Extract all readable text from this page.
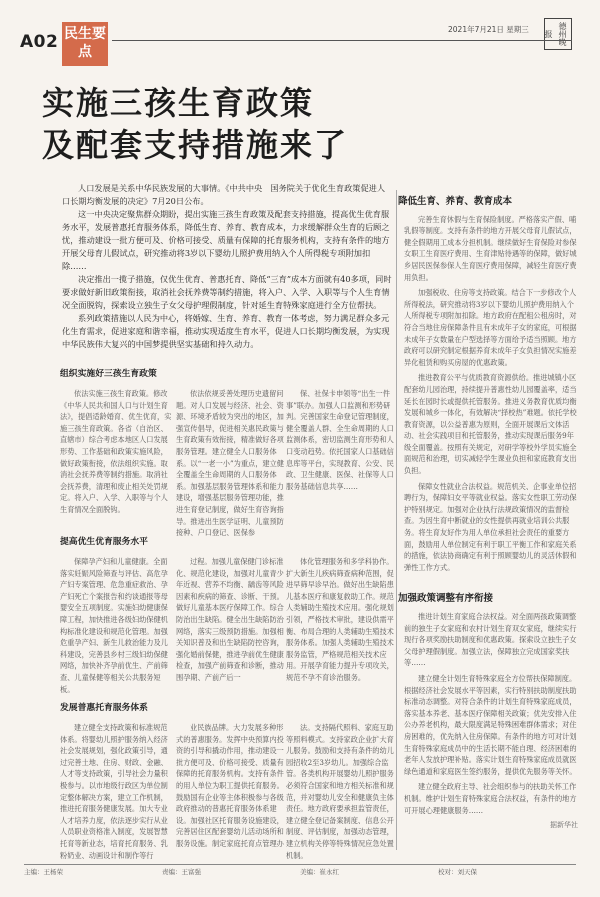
A02 民生要点
2021年7月21日 星期三	德州晚报
实施三孩生育政策
及配套支持措施来了

人口发展是关系中华民族发展的大事情。《中共中央　国务院关于优化生育政策促进人口长期均衡发展的决定》7月20日公布。

这一中央决定聚焦群众期盼，提出实施三孩生育政策及配套支持措施，提高优生优育服务水平，发展普惠托育服务体系，降低生育、养育、教育成本，力求缓解群众生育的后顾之忧，推动建设一批方便可及、价格可接受、质量有保障的托育服务机构，支持有条件的地方开展父母育儿假试点，研究推动将3岁以下婴幼儿照护费用纳入个人所得税专项附加扣除……

决定推出一揽子措施，仅优生优育、普惠托育、降低“三育”成本方面就有40多项，同时要求做好新旧政策衔接，取消社会抚养费等制约措施，将入户、入学、入职等与个人生育情况全面脱钩，探索设立独生子女父母护理假制度，针对延生育特殊家庭进行全方位帮扶。

系列政策措施以人民为中心，将婚嫁、生育、养育、教育一体考虑，努力满足群众多元化生育需求，促进家庭和谐幸福，推动实现适度生育水平，促进人口长期均衡发展，为实现中华民族伟大复兴的中国梦提供坚实基础和持久动力。

降低生育、养育、教育成本

完善生育休假与生育保险制度。严格落实产假、哺乳假等制度。支持有条件的地方开展父母育儿假试点，健全假期用工成本分担机制。继续做好生育保险对参保女职工生育医疗费用、生育津贴待遇等的保障，做好城乡居民医保参保人生育医疗费用保障，减轻生育医疗费用负担。

加强税收、住房等支持政策。结合下一步修改个人所得税法，研究推动将3岁以下婴幼儿照护费用纳入个人所得税专项附加扣除。地方政府在配租公租房时，对符合当地住房保障条件且有未成年子女的家庭，可根据未成年子女数量在户型选择等方面给予适当照顾。地方政府可以研究制定根据养育未成年子女负担情况实施差异化租赁和购买房屋的优惠政策。

推进教育公平与优质教育资源供给。推进城镇小区配套幼儿园治理，持续提升普惠性幼儿园覆盖率，适当延长在园时长或提供托管服务。推进义务教育优质均衡发展和城乡一体化，有效解决“择校热”难题。依托学校教育资源，以公益普惠为原则，全面开展课后文体活动、社会实践项目和托管服务，推动实现课后服务9年级全面覆盖。按照有关规定，对研学等校外学员实施全面规范和治理，切实减轻学生课业负担和家庭教育支出负担。

保障女性就业合法权益。规范机关、企事业单位招聘行为，保障妇女平等就业权益。落实女性职工劳动保护特别规定。加强对企业执行法规政策情况的监督检查。为因生育中断就业的女性提供再就业培训公共服务。将生育友好作为用人单位承担社会责任的重要方面，鼓励用人单位制定有利于职工平衡工作和家庭关系的措施，依法协商确定有利于照顾婴幼儿的灵活休假和弹性工作方式。

加强政策调整有序衔接

推进计划生育家庭合法权益。对全面两孩政策调整前的独生子女家庭和农村计划生育双女家庭，继续实行现行各项奖励扶助制度和优惠政策。探索设立独生子女父母护理假制度。加强立法，保障独立完成国家奖扶等……

建立健全计划生育特殊家庭全方位帮扶保障制度。根据经济社会发展水平等因素，实行特别扶助制度扶助标准动态调整。对符合条件的计划生育特殊家庭成员，落实基本养老、基本医疗保障相关政策；优先安排入住公办养老机构，最大限度满足特殊困难群体需求；对住房困难的，优先纳入住房保障。有条件的地方可对计划生育特殊家庭成员中的生活长期不能自理、经济困难的老年人发放护理补贴。落实计划生育特殊家庭成员就医绿色通道和家庭医生签约服务，提供优先服务等关怀。

建立健全政府主导、社会组织参与的扶助关怀工作机制。维护计划生育特殊家庭合法权益，有条件的地方可开展心理健康服务……

据新华社
组织实施好三孩生育政策

依法实施三孩生育政策。修改《中华人民共和国人口与计划生育法》，提倡适龄婚育、优生优育，实施三孩生育政策。各省（自治区、直辖市）综合考虑本地区人口发展形势、工作基础和政策实施风险，做好政策衔接，依法组织实施。取消社会抚养费等制约措施。取消社会抚养费，清理和废止相关处罚规定。将入户、入学、入职等与个人生育情况全面脱钩。

依法依规妥善处理历史遗留问题。对人口发展与经济、社会、资源、环境矛盾较为突出的地区，加强宣传倡导，促进相关惠民政策与生育政策有效衔接，精准做好各项服务管理。建立健全人口服务体系。以“一老一小”为重点，建立健全覆盖全生命周期的人口服务体系。加强基层服务管理体系和能力建设，增强基层服务管理功能，推进生育登记制度，做好生育咨询指导。推进出生医学证明、儿童预防接种、户口登记、医保参

保、社保卡申领等“出生一件事”联办。加强人口监测和形势研判。完善国家生命登记管理制度，健全覆盖人群、全生命周期的人口监测体系，密切监测生育形势和人口变动趋势。依托国家人口基础信息库等平台，实现教育、公安、民政、卫生健康、医保、社保等人口服务基础信息共享……

提高优生优育服务水平

保障孕产妇和儿童健康。全面落实妊娠风险筛查与评估、高危孕产妇专案管理、危急重症救治、孕产妇死亡个案报告和约谈通报等母婴安全五项制度。实施妇幼健康保障工程，加快推进各级妇幼保健机构标准化建设和规范化管理。加强危重孕产妇、新生儿救治能力及儿科建设，完善县乡村三级妇幼保健网络，加快补齐孕前优生、产前筛查、儿童保健等相关公共服务短板。

过程。加强儿童保健门诊标准化、规范化建设，加强对儿童青少年近视、营养不均衡、龋齿等风险因素和疾病的筛查、诊断、干预。做好儿童基本医疗保障工作。综合防治出生缺陷。健全出生缺陷防治网络，落实三级预防措施。加强相关知识普及和出生缺陷防控咨询，强化婚前保健，推进孕前优生健康检查，加强产前筛查和诊断，推动围孕期、产前产后一

体化管理服务和多学科协作。扩大新生儿疾病筛查病种范围，促进早筛早诊早治。做好出生缺陷患儿基本医疗和康复救助工作。规范人类辅助生殖技术应用。强化规划引领，严格技术审批，建设供需平衡、布局合理的人类辅助生殖技术服务体系。加强人类辅助生殖技术服务监管，严格规范相关技术应用。开展孕育能力提升专项攻关，规范不孕不育诊治服务。

发展普惠托育服务体系

建立健全支持政策和标准规范体系。将婴幼儿照护服务纳入经济社会发展规划，强化政策引导，通过完善土地、住房、财政、金融、人才等支持政策，引导社会力量积极参与。以市地级行政区为单位制定整体解决方案，建立工作机制，推进托育服务健康发展。加大专业人才培养力度，依法逐步实行从业人员职业资格准入制度，发展智慧托育等新业态，培育托育服务、乳粉奶业、动画设计和制作等行

业民族品牌。大力发展多种形式的普惠服务。发挥中央预算内投资的引导和撬动作用，推动建设一批方便可及、价格可接受、质量有保障的托育服务机构。支持有条件的用人单位为职工提供托育服务。鼓励国有企业等主体积极参与各级政府推动的普惠托育服务体系建设。加强社区托育服务设施建设，完善居住区配套婴幼儿活动场所和服务设施。制定家庭托育点管理办

法。支持隔代照料、家庭互助等照料模式。支持家政企业扩大育儿服务。鼓励和支持有条件的幼儿园招收2至3岁幼儿。加强综合监管。各类机构开展婴幼儿照护服务必须符合国家和地方相关标准和规范，并对婴幼儿安全和健康负主体责任。地方政府要承担监管责任，建立健全登记备案制度、信息公开制度、评估制度，加强动态管理，建立机构关停等特殊情况应急处置机制。

主编：王杨荣	责编：王富强	美编：崔永红	校对：刘天保
